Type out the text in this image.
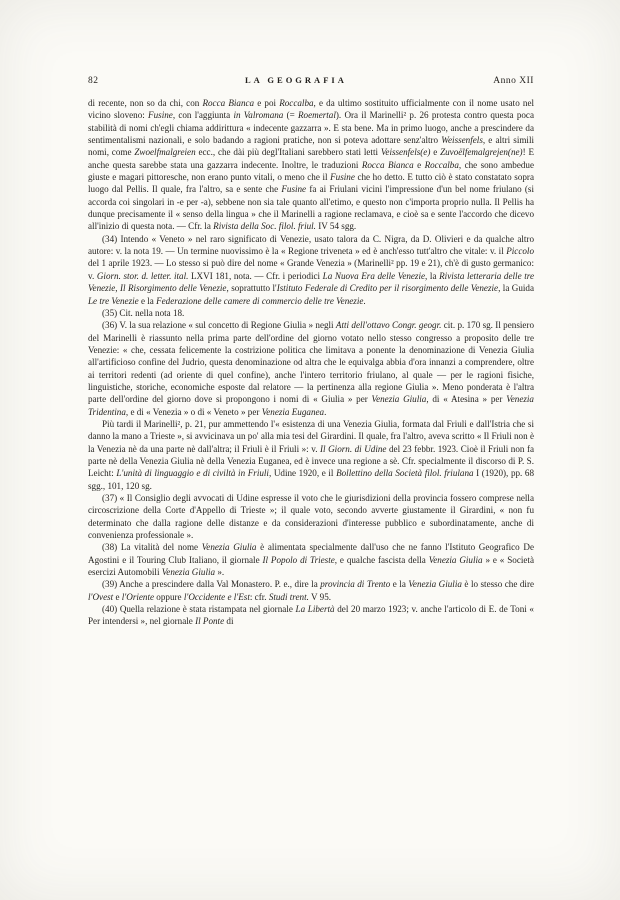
82	LA GEOGRAFIA	Anno XII

di recente, non so da chi, con Rocca Bianca e poi Roccalba, e da ultimo sostituito ufficialmente con il nome usato nel vicino sloveno: Fusine, con l'aggiunta in Valromana (= Roemertal). Ora il Marinelli² p. 26 protesta contro questa poca stabilità di nomi ch'egli chiama addirittura « indecente gazzarra ». E sta bene. Ma in primo luogo, anche a prescindere da sentimentalismi nazionali, e solo badando a ragioni pratiche, non si poteva adottare senz'altro Weissenfels, e altri simili nomi, come Zwoelfmalgreien ecc., che dài più degl'Italiani sarebbero stati letti Veissenfels(e) e Zuvoëlfemalgrejen(ne)! E anche questa sarebbe stata una gazzarra indecente. Inoltre, le traduzioni Rocca Bianca e Roccalba, che sono ambedue giuste e magari pittoresche, non erano punto vitali, o meno che il Fusine che ho detto. E tutto ciò è stato constatato sopra luogo dal Pellis. Il quale, fra l'altro, sa e sente che Fusine fa ai Friulani vicini l'impressione d'un bel nome friulano (si accorda coi singolari in -e per -a), sebbene non sia tale quanto all'etimo, e questo non c'importa proprio nulla. Il Pellis ha dunque precisamente il « senso della lingua » che il Marinelli a ragione reclamava, e cioè sa e sente l'accordo che dicevo all'inizio di questa nota. — Cfr. la Rivista della Soc. filol. friul. IV 54 sgg.

(34) Intendo « Veneto » nel raro significato di Venezie, usato talora da C. Nigra, da D. Olivieri e da qualche altro autore: v. la nota 19. — Un termine nuovissimo è la « Regione triveneta » ed è anch'esso tutt'altro che vitale: v. il Piccolo del 1 aprile 1923. — Lo stesso si può dire del nome « Grande Venezia » (Marinelli² pp. 19 e 21), ch'è di gusto germanico: v. Giorn. stor. d. letter. ital. LXVI 181, nota. — Cfr. i periodici La Nuova Era delle Venezie, la Rivista letteraria delle tre Venezie, Il Risorgimento delle Venezie, soprattutto l'Istituto Federale di Credito per il risorgimento delle Venezie, la Guida Le tre Venezie e la Federazione delle camere di commercio delle tre Venezie.

(35) Cit. nella nota 18.

(36) V. la sua relazione « sul concetto di Regione Giulia » negli Atti dell'ottavo Congr. geogr. cit. p. 170 sg. Il pensiero del Marinelli è riassunto nella prima parte dell'ordine del giorno votato nello stesso congresso a proposito delle tre Venezie: « che, cessata felicemente la costrizione politica che limitava a ponente la denominazione di Venezia Giulia all'artificioso confine del Judrio, questa denominazione od altra che le equivalga abbia d'ora innanzi a comprendere, oltre ai territori redenti (ad oriente di quel confine), anche l'intero territorio friulano, al quale — per le ragioni fisiche, linguistiche, storiche, economiche esposte dal relatore — la pertinenza alla regione Giulia ». Meno ponderata è l'altra parte dell'ordine del giorno dove si propongono i nomi di « Giulia » per Venezia Giulia, di « Atesina » per Venezia Tridentina, e di « Venezia » o di « Veneto » per Venezia Euganea.

Più tardi il Marinelli², p. 21, pur ammettendo l'« esistenza di una Venezia Giulia, formata dal Friuli e dall'Istria che si danno la mano a Trieste », si avvicinava un po' alla mia tesi del Girardini. Il quale, fra l'altro, aveva scritto « Il Friuli non è la Venezia nè da una parte nè dall'altra; il Friuli è il Friuli »: v. Il Giorn. di Udine del 23 febbr. 1923. Cioè il Friuli non fa parte nè della Venezia Giulia nè della Venezia Euganea, ed è invece una regione a sè. Cfr. specialmente il discorso di P. S. Leicht: L'unità di linguaggio e di civiltà in Friuli, Udine 1920, e il Bollettino della Società filol. friulana I (1920), pp. 68 sgg., 101, 120 sg.

(37) « Il Consiglio degli avvocati di Udine espresse il voto che le giurisdizioni della provincia fossero comprese nella circoscrizione della Corte d'Appello di Trieste »; il quale voto, secondo avverte giustamente il Girardini, « non fu determinato che dalla ragione delle distanze e da considerazioni d'interesse pubblico e subordinatamente, anche di convenienza professionale ».

(38) La vitalità del nome Venezia Giulia è alimentata specialmente dall'uso che ne fanno l'Istituto Geografico De Agostini e il Touring Club Italiano, il giornale Il Popolo di Trieste, e qualche fascista della Venezia Giulia » e « Società esercizi Automobili Venezia Giulia ».

(39) Anche a prescindere dalla Val Monastero. P. e., dire la provincia di Trento e la Venezia Giulia è lo stesso che dire l'Ovest e l'Oriente oppure l'Occidente e l'Est: cfr. Studi trent. V 95.

(40) Quella relazione è stata ristampata nel giornale La Libertà del 20 marzo 1923; v. anche l'articolo di E. de Toni « Per intendersi », nel giornale Il Ponte di
